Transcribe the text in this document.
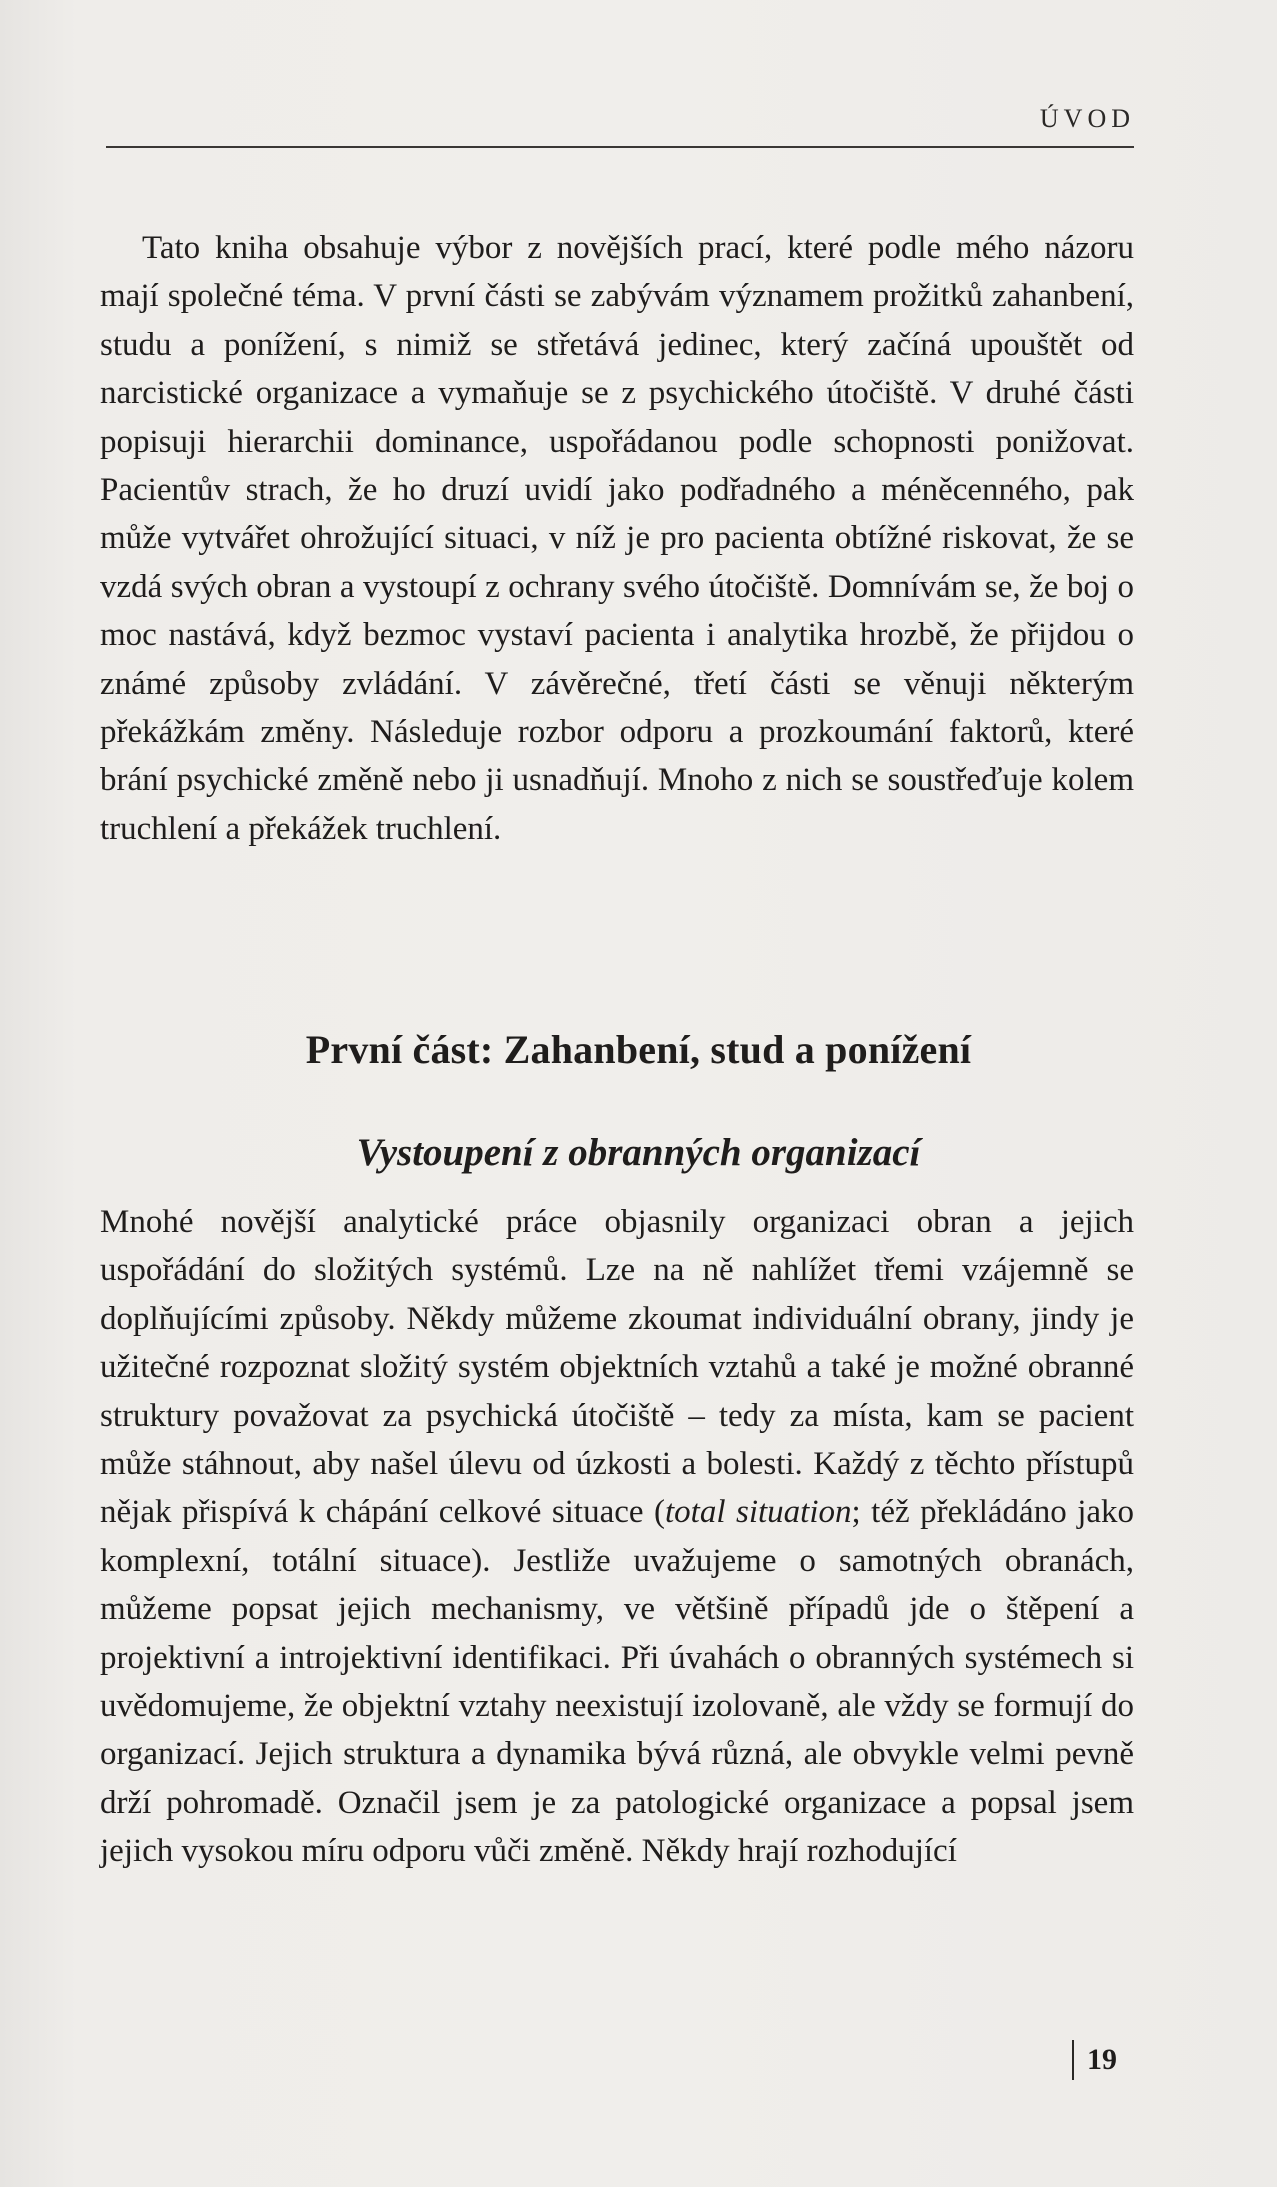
ÚVOD

Tato kniha obsahuje výbor z novějších prací, které podle mého názoru mají společné téma. V první části se zabývám významem prožitků zahanbení, studu a ponížení, s nimiž se střetává jedinec, který začíná upouštět od narcistické organizace a vymaňuje se z psychického útočiště. V druhé části popisuji hierarchii dominance, uspořádanou podle schopnosti ponižovat. Pacientův strach, že ho druzí uvidí jako podřadného a méněcenného, pak může vytvářet ohrožující situaci, v níž je pro pacienta obtížné riskovat, že se vzdá svých obran a vystoupí z ochrany svého útočiště. Domnívám se, že boj o moc nastává, když bezmoc vystaví pacienta i analytika hrozbě, že přijdou o známé způsoby zvládání. V závěrečné, třetí části se věnuji některým překážkám změny. Následuje rozbor odporu a prozkoumání faktorů, které brání psychické změně nebo ji usnadňují. Mnoho z nich se soustřeďuje kolem truchlení a překážek truchlení.

První část: Zahanbení, stud a ponížení
Vystoupení z obranných organizací

Mnohé novější analytické práce objasnily organizaci obran a jejich uspořádání do složitých systémů. Lze na ně nahlížet třemi vzájemně se doplňujícími způsoby. Někdy můžeme zkoumat individuální obrany, jindy je užitečné rozpoznat složitý systém objektních vztahů a také je možné obranné struktury považovat za psychická útočiště – tedy za místa, kam se pacient může stáhnout, aby našel úlevu od úzkosti a bolesti. Každý z těchto přístupů nějak přispívá k chápání celkové situace (total situation; též překládáno jako komplexní, totální situace). Jestliže uvažujeme o samotných obranách, můžeme popsat jejich mechanismy, ve většině případů jde o štěpení a projektivní a introjektivní identifikaci. Při úvahách o obranných systémech si uvědomujeme, že objektní vztahy neexistují izolovaně, ale vždy se formují do organizací. Jejich struktura a dynamika bývá různá, ale obvykle velmi pevně drží pohromadě. Označil jsem je za patologické organizace a popsal jsem jejich vysokou míru odporu vůči změně. Někdy hrají rozhodující

19
